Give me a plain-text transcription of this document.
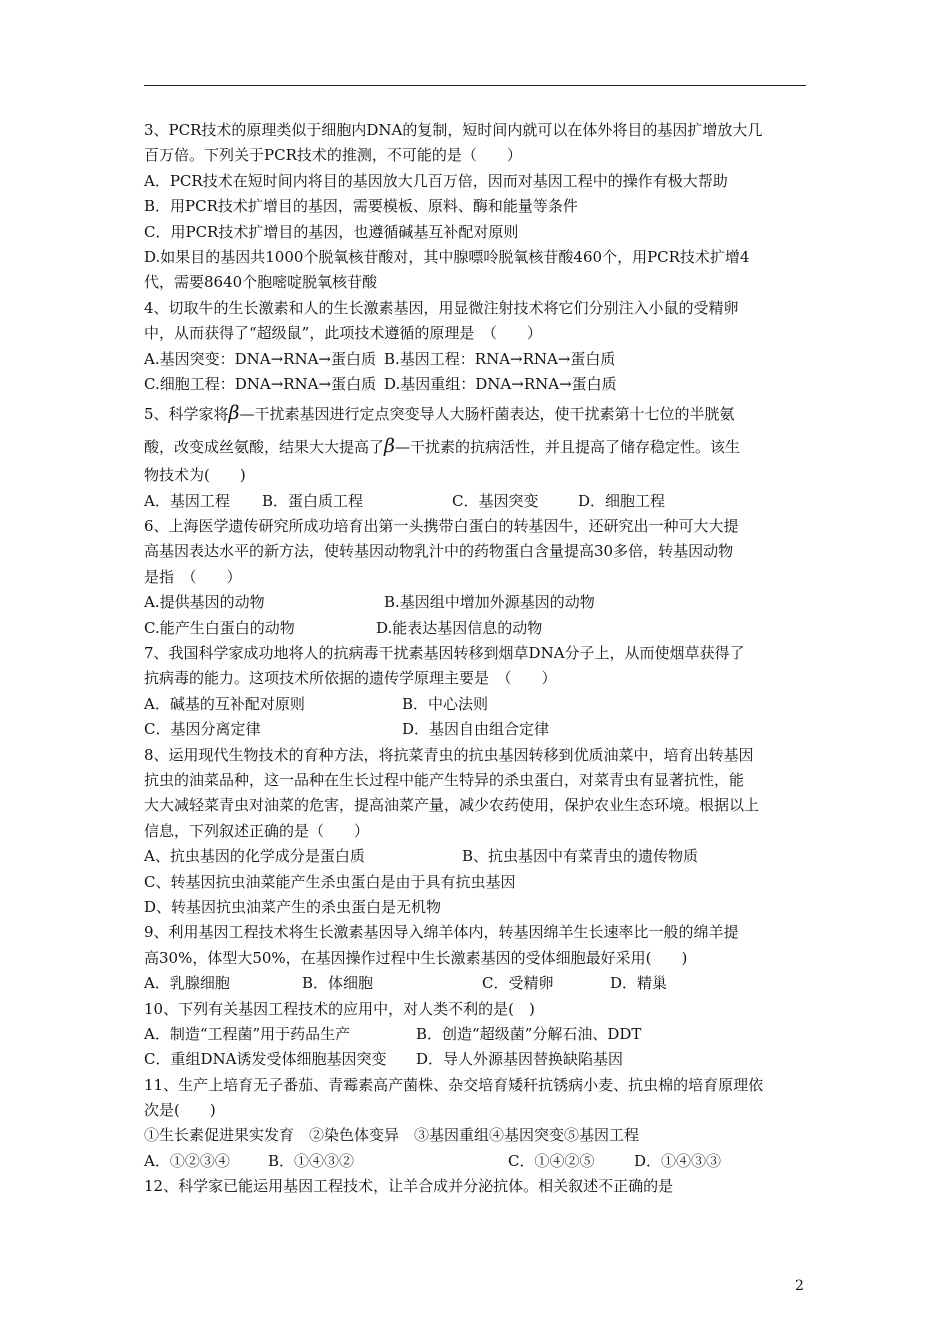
3、PCR技术的原理类似于细胞内DNA的复制，短时间内就可以在体外将目的基因扩增放大几
百万倍。下列关于PCR技术的推测，不可能的是（　　）
A．PCR技术在短时间内将目的基因放大几百万倍，因而对基因工程中的操作有极大帮助
B．用PCR技术扩增目的基因，需要模板、原料、酶和能量等条件
C．用PCR技术扩增目的基因，也遵循碱基互补配对原则
D.如果目的基因共1000个脱氧核苷酸对，其中腺嘌呤脱氧核苷酸460个，用PCR技术扩增4
代，需要8640个胞嘧啶脱氧核苷酸
4、切取牛的生长激素和人的生长激素基因，用显微注射技术将它们分别注入小鼠的受精卵
中，从而获得了“超级鼠”，此项技术遵循的原理是　（　　）
A.基因突变：DNA→RNA→蛋白质 B.基因工程：RNA→RNA→蛋白质
C.细胞工程：DNA→RNA→蛋白质 D.基因重组：DNA→RNA→蛋白质
5、科学家将β—干扰素基因进行定点突变导人大肠杆菌表达，使干扰素第十七位的半胱氨
酸，改变成丝氨酸，结果大大提高了β—干扰素的抗病活性，并且提高了储存稳定性。该生
物技术为(　　)
A．基因工程	B．蛋白质工程	C．基因突变	D．细胞工程
6、上海医学遗传研究所成功培育出第一头携带白蛋白的转基因牛，还研究出一种可大大提
高基因表达水平的新方法，使转基因动物乳汁中的药物蛋白含量提高30多倍，转基因动物
是指　（　　）
A.提供基因的动物	B.基因组中增加外源基因的动物
C.能产生白蛋白的动物	D.能表达基因信息的动物
7、我国科学家成功地将人的抗病毒干扰素基因转移到烟草DNA分子上，从而使烟草获得了
抗病毒的能力。这项技术所依据的遗传学原理主要是　（　　）
A．碱基的互补配对原则	B．中心法则
C．基因分离定律	D．基因自由组合定律
8、运用现代生物技术的育种方法，将抗菜青虫的抗虫基因转移到优质油菜中，培育出转基因
抗虫的油菜品种，这一品种在生长过程中能产生特异的杀虫蛋白，对菜青虫有显著抗性，能
大大减轻菜青虫对油菜的危害，提高油菜产量，减少农药使用，保护农业生态环境。根据以上
信息，下列叙述正确的是（　　）
A、抗虫基因的化学成分是蛋白质	B、抗虫基因中有菜青虫的遗传物质
C、转基因抗虫油菜能产生杀虫蛋白是由于具有抗虫基因
D、转基因抗虫油菜产生的杀虫蛋白是无机物
9、利用基因工程技术将生长激素基因导入绵羊体内，转基因绵羊生长速率比一般的绵羊提
高30%，体型大50%，在基因操作过程中生长激素基因的受体细胞最好采用(　　)
A．乳腺细胞	B．体细胞	C．受精卵	D．精巢
10、下列有关基因工程技术的应用中，对人类不利的是(　)
A．制造“工程菌”用于药品生产	B．创造“超级菌”分解石油、DDT
C．重组DNA诱发受体细胞基因突变	D．导人外源基因替换缺陷基因
11、生产上培育无子番茄、青霉素高产菌株、杂交培育矮秆抗锈病小麦、抗虫棉的培育原理依
次是(　　)
①生长素促进果实发育　②染色体变异　③基因重组④基因突变⑤基因工程
A．①②③④	B．①④③②	C．①④②⑤	D．①④③③
12、科学家已能运用基因工程技术，让羊合成并分泌抗体。相关叙述不正确的是
2
